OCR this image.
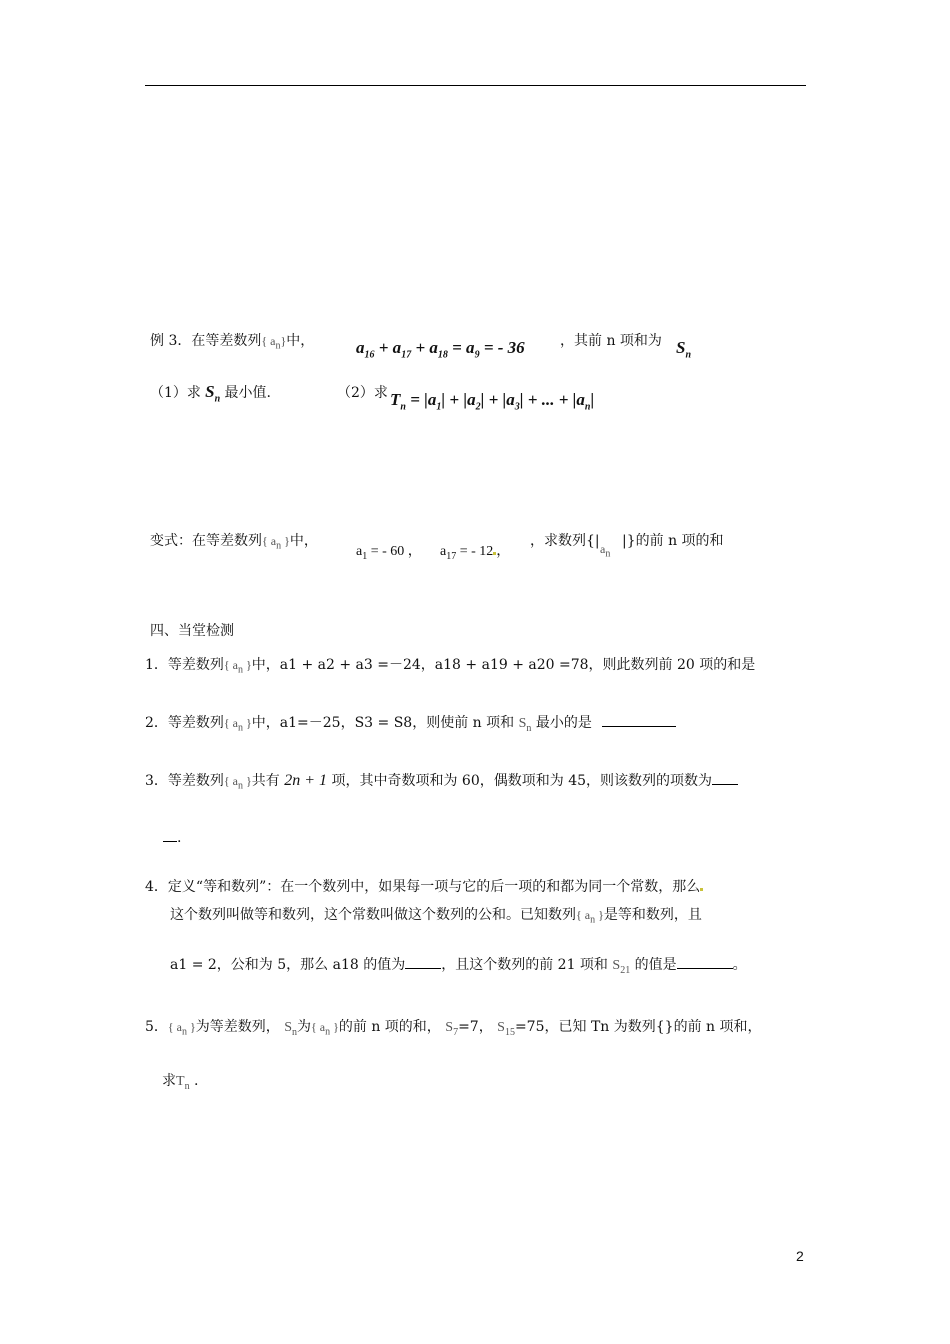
例 3．在等差数列{ $a_n$}中， $a_{16} + a_{17} + a_{18} = a_9$ = - 36	，其前 n 项和为 $S_n$
（1）求 $S_n$ 最小值.	（2）求 $T_n = |a_1| + |a_2| + |a_3|$ + ... + $|a_n|$
变式：在等差数列{ $a_n$ }中，
$a_1$ = - 60 ， $a_{17}$ = - 12 ，
，求数列{| $a_n$
|}的前 n 项的和
四、当堂检测
1．等差数列{ $a_n$ }中，a1 + a2 + a3 =－24，a18 + a19 + a20 =78，则此数列前 20 项的和是
2．等差数列{ $a_n$ }中，a1=－25，S3 = S8，则使前 n 项和 $S_n$ 最小的是
3．等差数列{ $a_n$ }共有 2n + 1 项，其中奇数项和为 60，偶数项和为 45，则该数列的项数为
.
4．定义“等和数列”：在一个数列中，如果每一项与它的后一项的和都为同一个常数，那么
这个数列叫做等和数列，这个常数叫做这个数列的公和。已知数列{ $a_n$ }是等和数列，且
a1 = 2，公和为 5，那么 a18 的值为	，且这个数列的前 21 项和 $S_{21}$ 的值是	。
5．{ $a_n$ }为等差数列， $S_n$为{ $a_n$ }的前 n 项的和， $S_7=7$， $S_{15}=75$，已知 Tn 为数列{}的前 n 项和，
求$T_n$ .
2
